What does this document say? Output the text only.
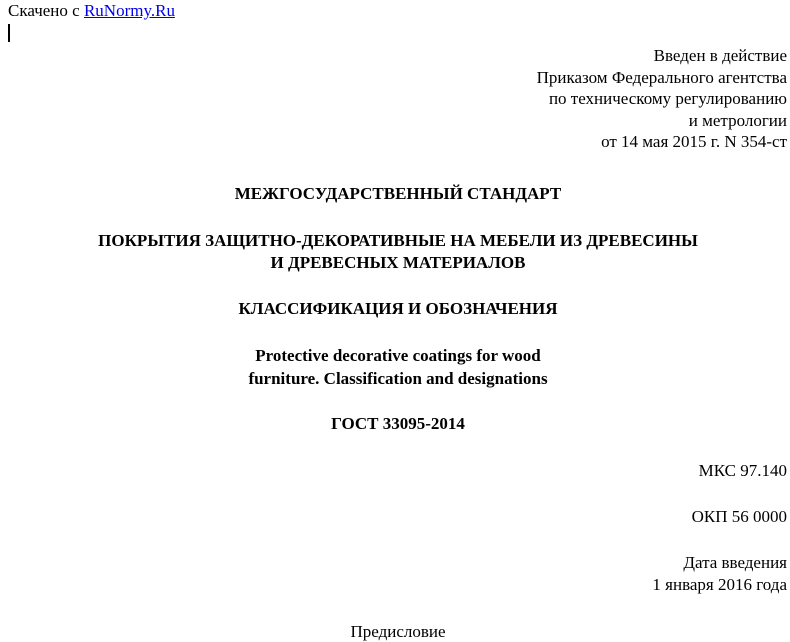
Скачено с RuNormy.Ru
Введен в действие
Приказом Федерального агентства
по техническому регулированию
и метрологии
от 14 мая 2015 г. N 354-ст
МЕЖГОСУДАРСТВЕННЫЙ СТАНДАРТ
ПОКРЫТИЯ ЗАЩИТНО-ДЕКОРАТИВНЫЕ НА МЕБЕЛИ ИЗ ДРЕВЕСИНЫ
И ДРЕВЕСНЫХ МАТЕРИАЛОВ
КЛАССИФИКАЦИЯ И ОБОЗНАЧЕНИЯ
Protective decorative coatings for wood
furniture. Classification and designations
ГОСТ 33095-2014
МКС 97.140
ОКП 56 0000
Дата введения
1 января 2016 года
Предисловие
